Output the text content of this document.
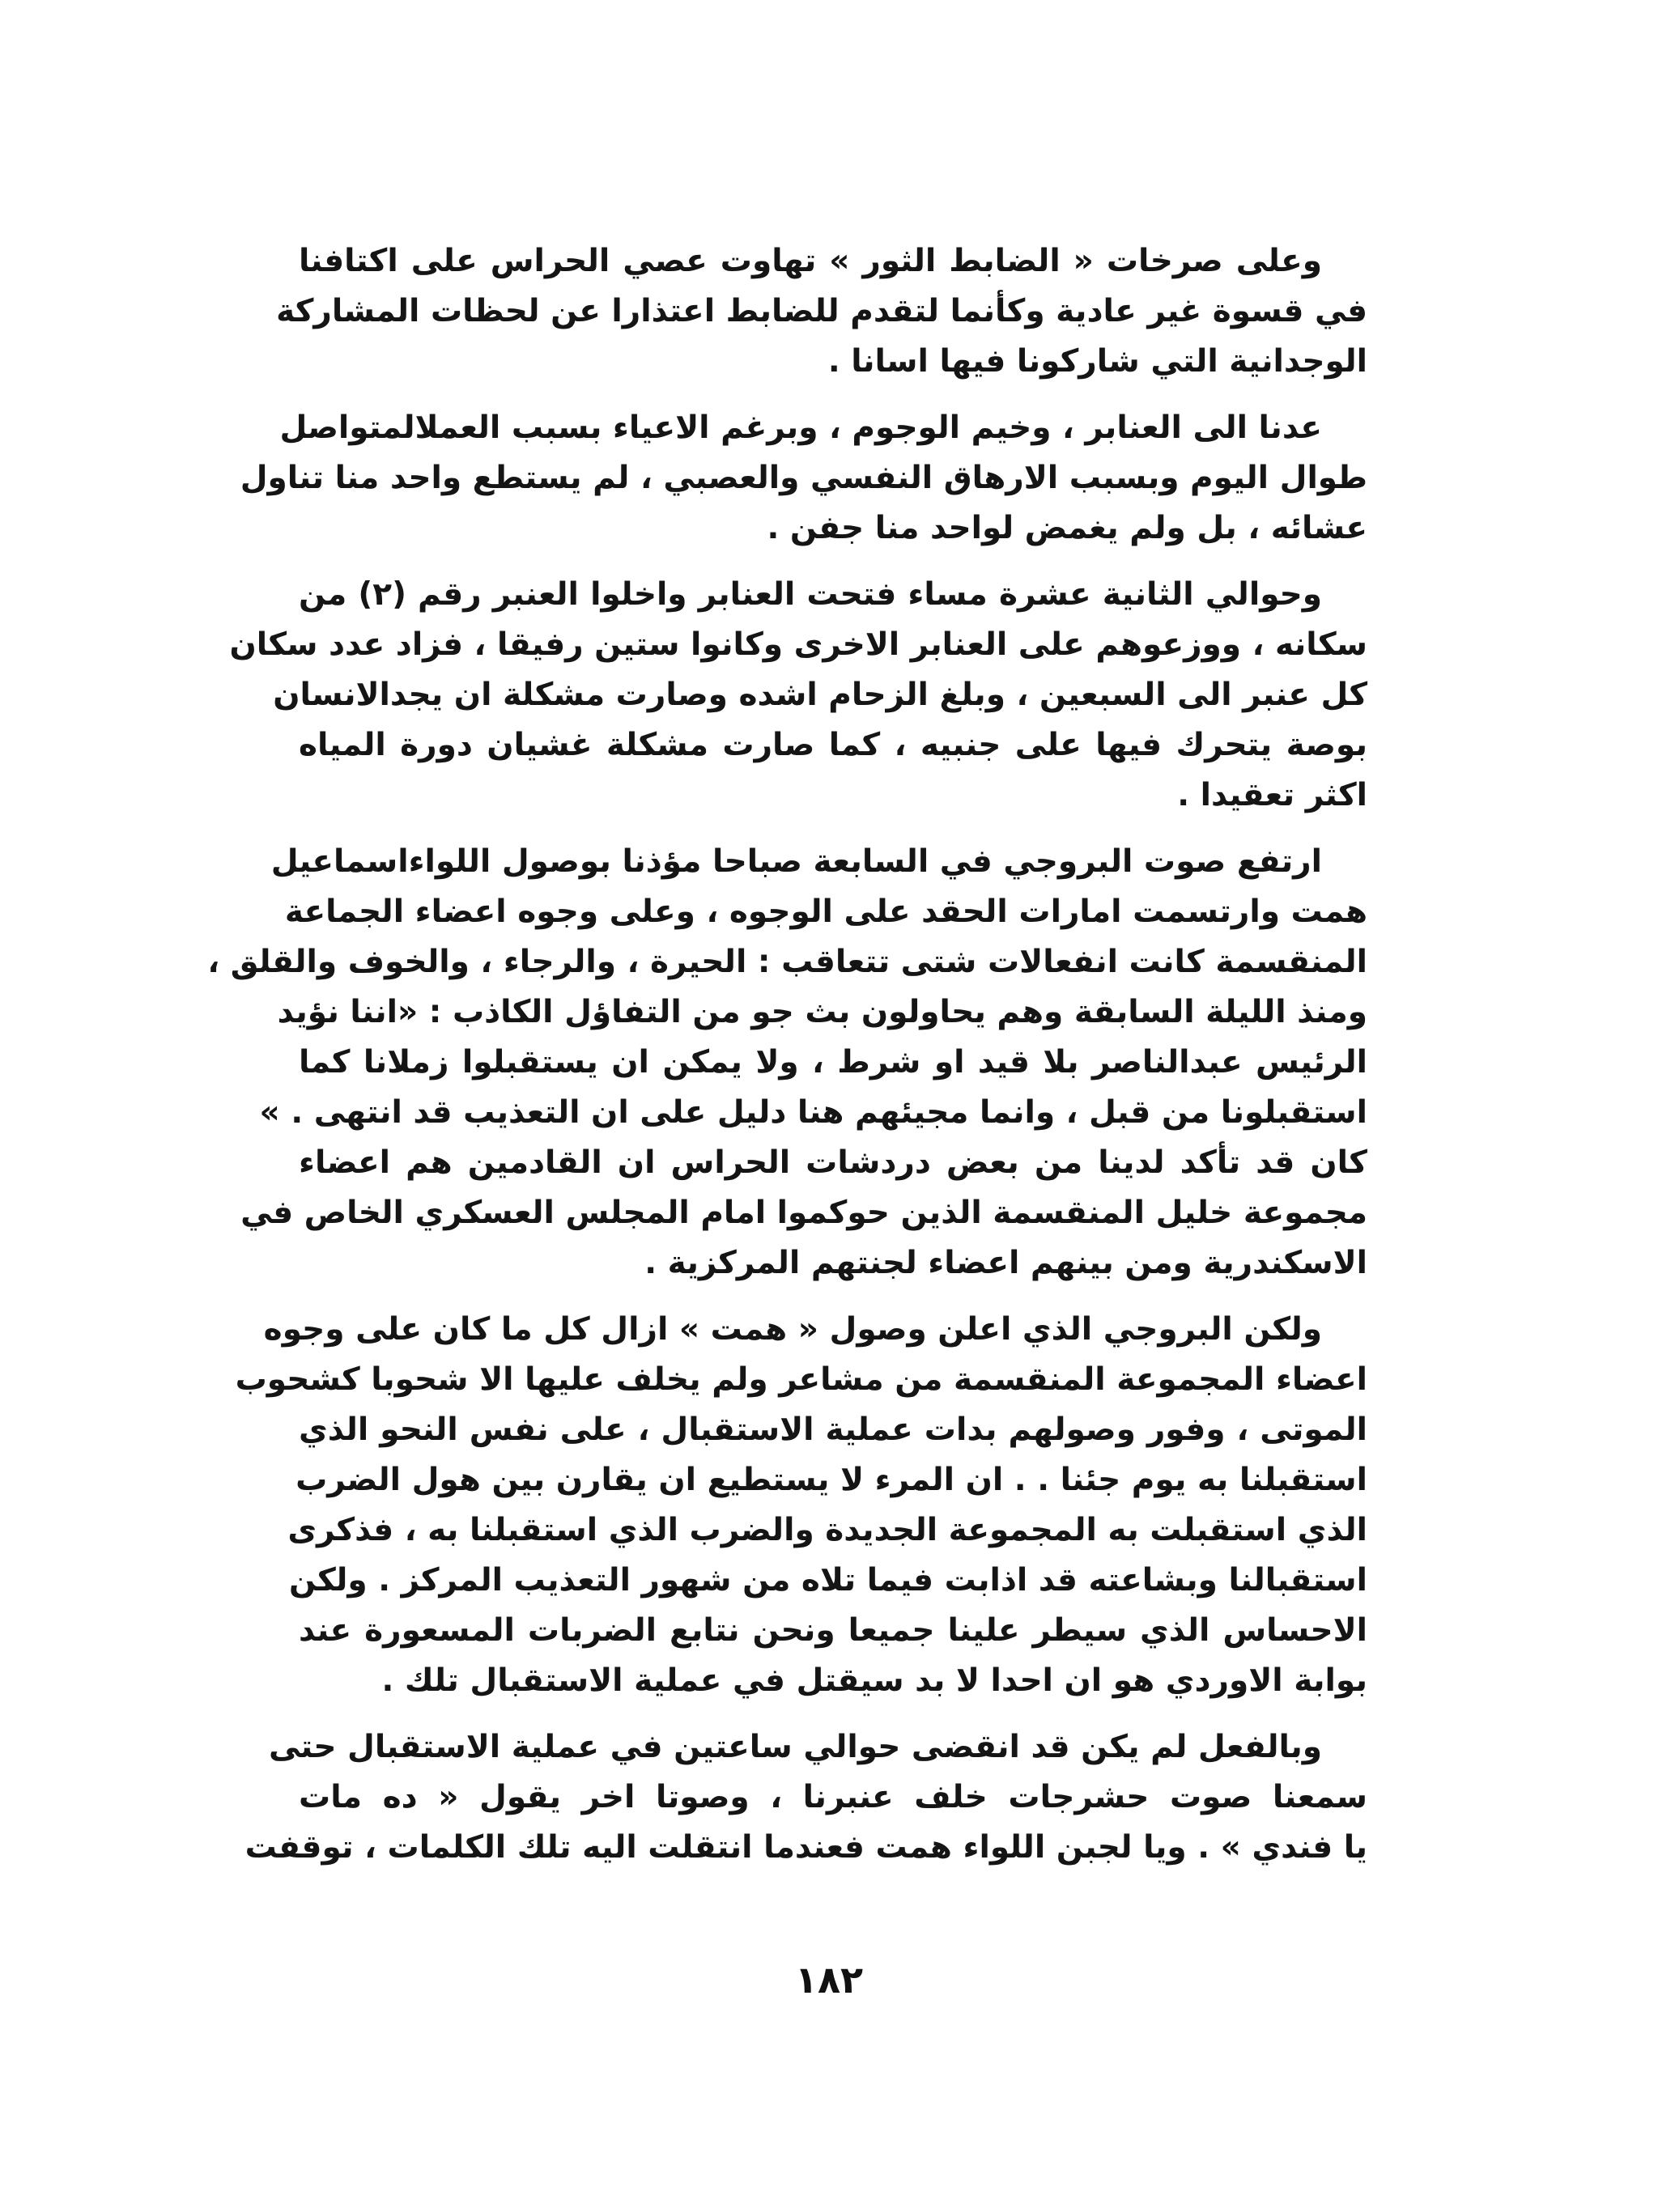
وعلى صرخات « الضابط الثور » تهاوت عصي الحراس على اكتافنا
في قسوة غير عادية وكأنما لتقدم للضابط اعتذارا عن لحظات المشاركة
الوجدانية التي شاركونا فيها اسانا .
عدنا الى العنابر ، وخيم الوجوم ، وبرغم الاعياء بسبب العملالمتواصل
طوال اليوم وبسبب الارهاق النفسي والعصبي ، لم يستطع واحد منا تناول
عشائه ، بل ولم يغمض لواحد منا جفن .
وحوالي الثانية عشرة مساء فتحت العنابر واخلوا العنبر رقم (٢) من
سكانه ، ووزعوهم على العنابر الاخرى وكانوا ستين رفيقا ، فزاد عدد سكان
كل عنبر الى السبعين ، وبلغ الزحام اشده وصارت مشكلة ان يجدالانسان
بوصة يتحرك فيها على جنبيه ، كما صارت مشكلة غشيان دورة المياه
اكثر تعقيدا .
ارتفع صوت البروجي في السابعة صباحا مؤذنا بوصول اللواءاسماعيل
همت وارتسمت امارات الحقد على الوجوه ، وعلى وجوه اعضاء الجماعة
المنقسمة كانت انفعالات شتى تتعاقب : الحيرة ، والرجاء ، والخوف والقلق ،
ومنذ الليلة السابقة وهم يحاولون بث جو من التفاؤل الكاذب : «اننا نؤيد
الرئيس عبدالناصر بلا قيد او شرط ، ولا يمكن ان يستقبلوا زملانا كما
استقبلونا من قبل ، وانما مجيئهم هنا دليل على ان التعذيب قد انتهى . »
كان قد تأكد لدينا من بعض دردشات الحراس ان القادمين هم اعضاء
مجموعة خليل المنقسمة الذين حوكموا امام المجلس العسكري الخاص في
الاسكندرية ومن بينهم اعضاء لجنتهم المركزية .
ولكن البروجي الذي اعلن وصول « همت » ازال كل ما كان على وجوه
اعضاء المجموعة المنقسمة من مشاعر ولم يخلف عليها الا شحوبا كشحوب
الموتى ، وفور وصولهم بدات عملية الاستقبال ، على نفس النحو الذي
استقبلنا به يوم جئنا . . ان المرء لا يستطيع ان يقارن بين هول الضرب
الذي استقبلت به المجموعة الجديدة والضرب الذي استقبلنا به ، فذكرى
استقبالنا وبشاعته قد اذابت فيما تلاه من شهور التعذيب المركز . ولكن
الاحساس الذي سيطر علينا جميعا ونحن نتابع الضربات المسعورة عند
بوابة الاوردي هو ان احدا لا بد سيقتل في عملية الاستقبال تلك .
وبالفعل لم يكن قد انقضى حوالي ساعتين في عملية الاستقبال حتى
سمعنا صوت حشرجات خلف عنبرنا ، وصوتا اخر يقول « ده مات
يا فندي » . ويا لجبن اللواء همت فعندما انتقلت اليه تلك الكلمات ، توقفت
١٨٢
